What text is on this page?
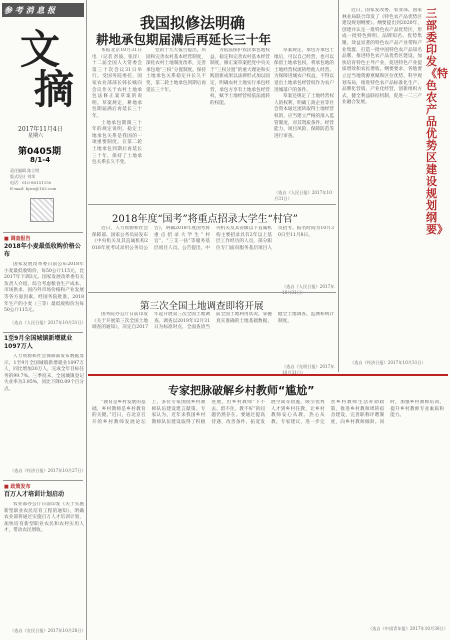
参 考 消 息 报
文
摘
2017年11月4日
星期六
第0405期
8/1-4
责任编辑 陈立明
版式设计 刘荣
电话：010-88151150
E-mail: bjwz@163.com
■ 调查报告
2018年小麦最低收购价格公布

国家发展改革委日前公布2018年小麦最低收购价，每50公斤115元，比2017年下调3元。国家发展改革委有关负责人介绍，综合考虑粮食生产成本、市场供求、国内外市场价格和产业发展等各方面因素，经国务院批准，2018年生产的小麦（三等）最低收购价为每50公斤115元。

（选自《人民日报》2017年10月31日）
1至9月全国城镇新增就业1097万人

人力资源和社会保障部发布数据显示，1至9月全国城镇新增就业1097万人，同比增加30万人，完成全年目标任务的99.7%。三季度末，全国城镇登记失业率为3.95%，同比下降0.09个百分点。

（选自《经济日报》2017年10月27日）
■ 政策发布
百万人才培训计划启动

农业部办公厅日前印发《关于实施新型职业农民培育工程的通知》，明确农业部将通过实施百万人才培训计划，加快培育新型职业农民和农村实用人才，带动农民增收。

（选自《农民日报》2017年10月28日）
我国拟修法明确
耕地承包期届满后再延长三十年

本报北京10月31日电 （记者 彭波、张洋）十二届全国人大常委会第三十次会议31日举行。受国务院委托，国家农业部部长韩长赋向会议作关于农村土地承包法修正案草案的说明。草案规定，耕地承包期届满后再延长三十年。

土地承包期限三十年的规定说明，稳定土地承包关系是我国的一项重要制度。在第二轮土地承包到期后再延长三十年，保持了土地承包关系长久不变。

党的十九大报告提出，巩固和完善农村基本经营制度，深化农村土地制度改革，完善承包地“三权”分置制度。保持土地承包关系稳定并长久不变，第二轮土地承包到期后再延长三十年。

为依法保护农民承包地权益，稳定和完善农村基本经营制度，修正案草案把党中央关于“三权分置”的重大理论和实践创新成果以法律形式加以固定，明确农村土地实行承包经营，承包方享有土地承包经营权，赋予土地经营权依法流转的权能。

草案规定，承包方承包土地后，可以自己经营，也可以保留土地承包权，将承包地的土地经营权流转给他人经营。为保障进城农户权益，不得以退出土地承包经营权作为农户进城落户的条件。

草案还规定了土地经营权人的权利，明确工商企业等社会资本通过流转取得土地经营权的，应当建立严格的准入监管制度，对其资质条件、经营能力、项目风险、保障防范等进行审查。

（选自《人民日报》2017年10月31日）
三部委印发《特色农产品优势区建设规划纲要》

近日，国家发改委、农业部、国家林业局联合印发了《特色农产品优势区建设规划纲要》。纲要提出到2020年，创建并认定一批特色农产品优势区，形成一批特色鲜明、品牌知名、优势集聚、效益显著的特色农产品产业带和产业集群，打造一批中国特色农产品知名品牌，推进特色农产品优势区建设，加快培育特色主导产业，促进特色产业提质增效和农民增收。纲要要求，各地要立足当地资源禀赋和区位优势，科学规划布局，推进特色农产品标准化生产、品牌化营销、产业化经营，创新组织方式，健全利益联结机制，促进一二三产业融合发展。

（选自《经济日报》2017年10月31日）
2018年度“国考”将重点招录大学生“村官”

近日，人力资源和社会保障部、国家公务员局发布《中央机关及其直属机构2018年度考试录用公务员公告》，明确2018年度国考将重点招录大学生“村官”、“三支一扶”等服务基层项目人员。公告提出，中央机关及其省级以下直属机构主要招录具有2年以上基层工作经历的人员，部分职位专门面向服务基层项目人员招考。报名时间为10月30日至11月8日。

（选自《人民日报》2017年10月31日）
第三次全国土地调查即将开展

国务院办公厅日前印发《关于开展第三次全国土地调查的通知》，决定自2017年起开展第三次全国土地调查。调查以2019年12月31日为标准时点，全面查清当前全国土地利用状况，掌握真实准确的土地基础数据，健全土地调查、监测和统计制度。

（选自《光明日报》2017年10月31日）
专家把脉破解乡村教师“尴尬”

“教育是乡村发展的基础，乡村教师是乡村教育的关键。”近日，在北京召开的乡村教师发展论坛上，多位专家围绕乡村教师队伍建设建言献策。专家认为，近年来我国乡村教师队伍建设取得了积极进展，但乡村教师“下不去、留不住、教不好”的问题仍然存在。要通过提高待遇、改善条件、拓宽发展空间等措施，吸引优秀人才到乡村任教，让乡村教师安心从教、热心从教。专家建议，进一步完善乡村教师生活补助政策，推进乡村教师周转宿舍建设，完善职称评聘制度，向乡村教师倾斜。同时，加强乡村教师培训，提升乡村教师专业素质和能力。

（选自《中国青年报》2017年10月30日）
